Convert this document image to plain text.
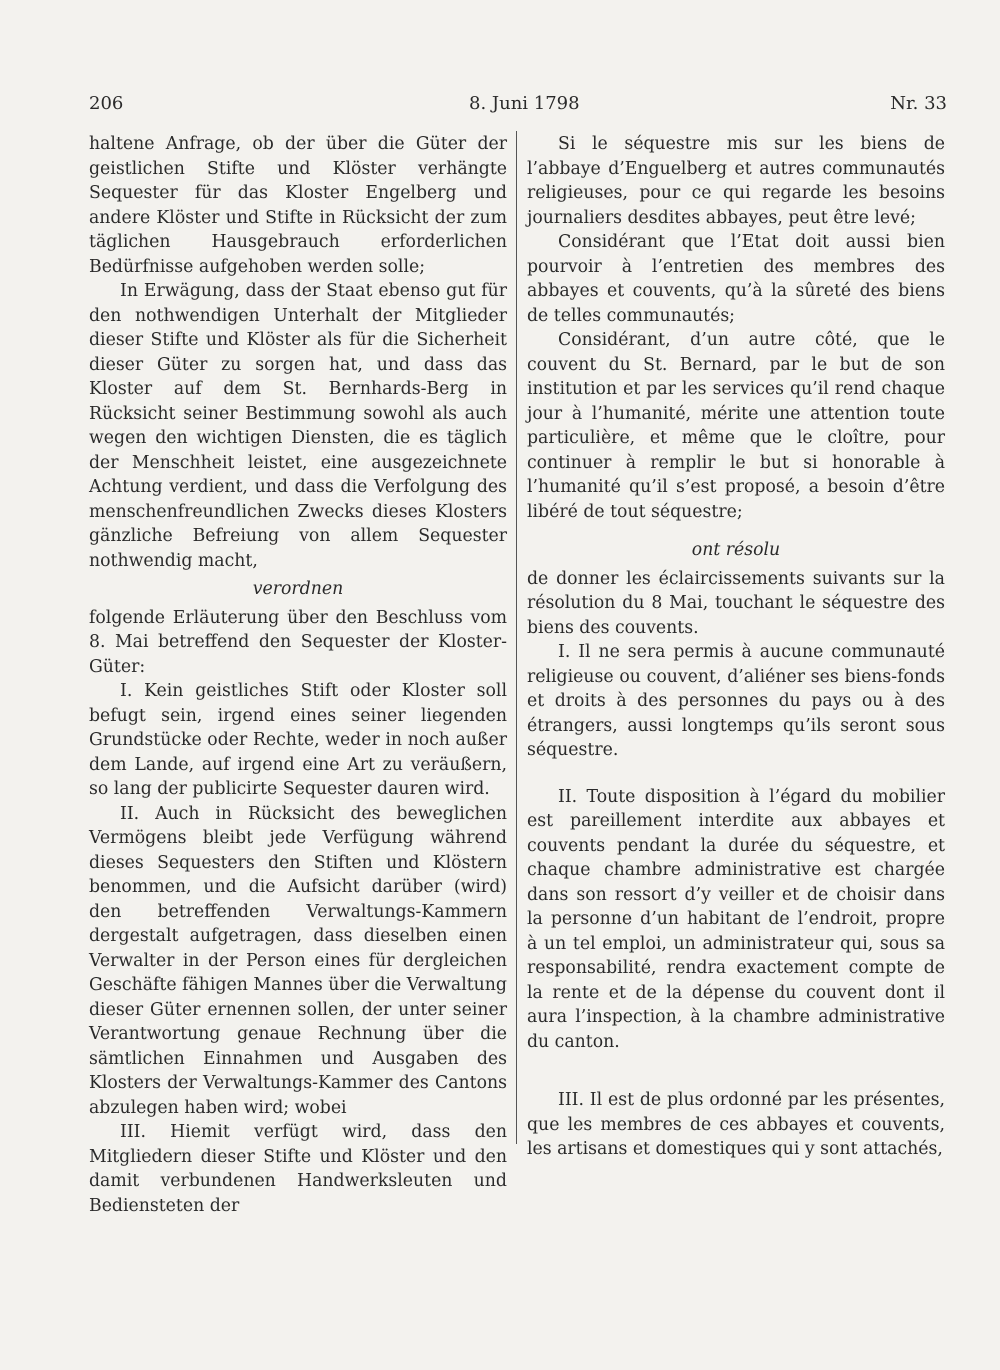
206	8. Juni 1798	Nr. 33

haltene Anfrage, ob der über die Güter der geistlichen Stifte und Klöster verhängte Sequester für das Kloster Engelberg und andere Klöster und Stifte in Rücksicht der zum täglichen Hausgebrauch erforderlichen Bedürfnisse aufgehoben werden solle;

In Erwägung, dass der Staat ebenso gut für den nothwendigen Unterhalt der Mitglieder dieser Stifte und Klöster als für die Sicherheit dieser Güter zu sorgen hat, und dass das Kloster auf dem St. Bernhards-Berg in Rücksicht seiner Bestimmung sowohl als auch wegen den wichtigen Diensten, die es täglich der Menschheit leistet, eine ausgezeichnete Achtung verdient, und dass die Verfolgung des menschenfreundlichen Zwecks dieses Klosters gänzliche Befreiung von allem Sequester nothwendig macht,

verordnen

folgende Erläuterung über den Beschluss vom 8. Mai betreffend den Sequester der Kloster-Güter:

I. Kein geistliches Stift oder Kloster soll befugt sein, irgend eines seiner liegenden Grundstücke oder Rechte, weder in noch außer dem Lande, auf irgend eine Art zu veräußern, so lang der publicirte Sequester dauren wird.

II. Auch in Rücksicht des beweglichen Vermögens bleibt jede Verfügung während dieses Sequesters den Stiften und Klöstern benommen, und die Aufsicht darüber (wird) den betreffenden Verwaltungs-Kammern dergestalt aufgetragen, dass dieselben einen Verwalter in der Person eines für dergleichen Geschäfte fähigen Mannes über die Verwaltung dieser Güter ernennen sollen, der unter seiner Verantwortung genaue Rechnung über die sämtlichen Einnahmen und Ausgaben des Klosters der Verwaltungs-Kammer des Cantons abzulegen haben wird; wobei

III. Hiemit verfügt wird, dass den Mitgliedern dieser Stifte und Klöster und den damit verbundenen Handwerksleuten und Bediensteten der

Si le séquestre mis sur les biens de l’abbaye d’Enguelberg et autres communautés religieuses, pour ce qui regarde les besoins journaliers desdites abbayes, peut être levé;

Considérant que l’Etat doit aussi bien pourvoir à l’entretien des membres des abbayes et couvents, qu’à la sûreté des biens de telles communautés;

Considérant, d’un autre côté, que le couvent du St. Bernard, par le but de son institution et par les services qu’il rend chaque jour à l’humanité, mérite une attention toute particulière, et même que le cloître, pour continuer à remplir le but si honorable à l’humanité qu’il s’est proposé, a besoin d’être libéré de tout séquestre;

ont résolu

de donner les éclaircissements suivants sur la résolution du 8 Mai, touchant le séquestre des biens des couvents.

I. Il ne sera permis à aucune communauté religieuse ou couvent, d’aliéner ses biens-fonds et droits à des personnes du pays ou à des étrangers, aussi longtemps qu’ils seront sous séquestre.

II. Toute disposition à l’égard du mobilier est pareillement interdite aux abbayes et couvents pendant la durée du séquestre, et chaque chambre administrative est chargée dans son ressort d’y veiller et de choisir dans la personne d’un habitant de l’endroit, propre à un tel emploi, un administrateur qui, sous sa responsabilité, rendra exactement compte de la rente et de la dépense du couvent dont il aura l’inspection, à la chambre administrative du canton.

III. Il est de plus ordonné par les présentes, que les membres de ces abbayes et couvents, les artisans et domestiques qui y sont attachés,
